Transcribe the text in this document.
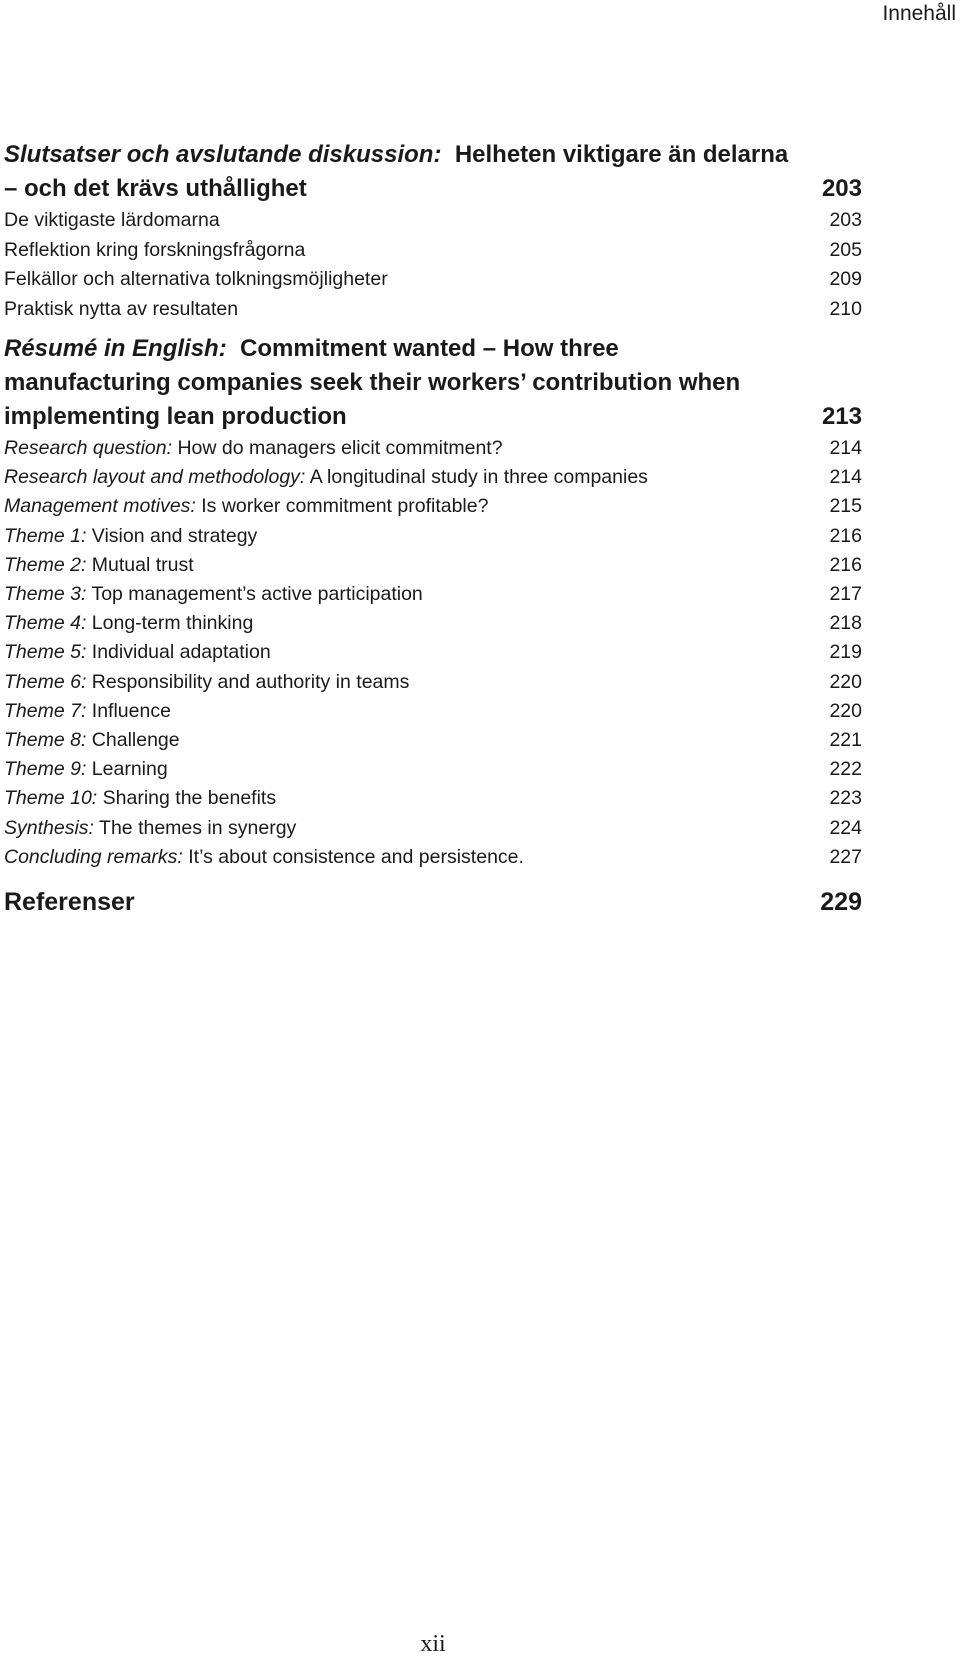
Innehåll
Slutsatser och avslutande diskussion: Helheten viktigare än delarna
– och det krävs uthållighet	203
De viktigaste lärdomarna	203
Reflektion kring forskningsfrågorna	205
Felkällor och alternativa tolkningsmöjligheter	209
Praktisk nytta av resultaten	210
Résumé in English: Commitment wanted – How three
manufacturing companies seek their workers’ contribution when
implementing lean production	213
Research question: How do managers elicit commitment?	214
Research layout and methodology: A longitudinal study in three companies	214
Management motives: Is worker commitment profitable?	215
Theme 1: Vision and strategy	216
Theme 2: Mutual trust	216
Theme 3: Top management’s active participation	217
Theme 4: Long-term thinking	218
Theme 5: Individual adaptation	219
Theme 6: Responsibility and authority in teams	220
Theme 7: Influence	220
Theme 8: Challenge	221
Theme 9: Learning	222
Theme 10: Sharing the benefits	223
Synthesis: The themes in synergy	224
Concluding remarks: It’s about consistence and persistence.	227
Referenser	229
xii
